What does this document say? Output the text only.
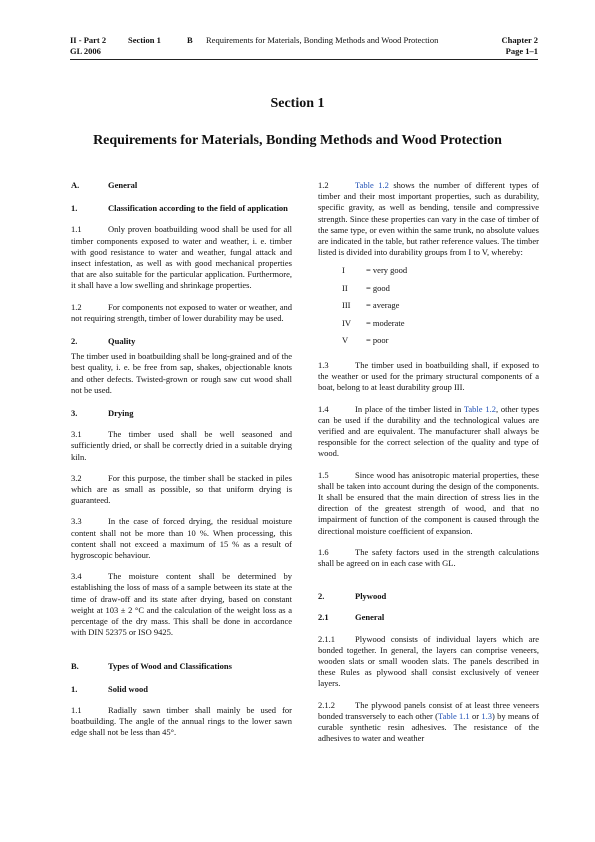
II - Part 2	Section 1	B Requirements for Materials, Bonding Methods and Wood Protection	Chapter 2
GL 2006	Page 1–1
Section 1
Requirements for Materials, Bonding Methods and Wood Protection
A.	General
1.	Classification according to the field of application

1.1	Only proven boatbuilding wood shall be used for all timber components exposed to water and weather, i. e. timber with good resistance to water and weather, fungal attack and insect infestation, as well as with good mechanical properties that are also suitable for the particular application. Furthermore, it shall have a low swelling and shrinkage properties.

1.2	For components not exposed to water or weather, and not requiring strength, timber of lower durability may be used.

2.	Quality

The timber used in boatbuilding shall be long-grained and of the best quality, i. e. be free from sap, shakes, objectionable knots and other defects. Twisted-grown or rough saw cut wood shall not be used.

3.	Drying

3.1	The timber used shall be well seasoned and sufficiently dried, or shall be correctly dried in a suitable drying kiln.

3.2	For this purpose, the timber shall be stacked in piles which are as small as possible, so that uniform drying is guaranteed.

3.3	In the case of forced drying, the residual moisture content shall not be more than 10 %. When processing, this content shall not exceed a maximum of 15 % as a result of hygroscopic behaviour.

3.4	The moisture content shall be determined by establishing the loss of mass of a sample between its state at the time of draw-off and its state after drying, based on constant weight at 103 ± 2 °C and the calculation of the weight loss as a percentage of the dry mass. This shall be done in accordance with DIN 52375 or ISO 9425.

B.	Types of Wood and Classifications
1.	Solid wood

1.1	Radially sawn timber shall mainly be used for boatbuilding. The angle of the annual rings to the lower sawn edge shall not be less than 45°.

1.2	Table 1.2 shows the number of different types of timber and their most important properties, such as durability, specific gravity, as well as bending, tensile and compressive strength. Since these properties can vary in the case of timber of the same type, or even within the same trunk, no absolute values are indicated in the table, but rather reference values. The timber listed is divided into durability groups from I to V, whereby:

I	= very good
II	= good
III	= average
IV	= moderate
V	= poor

1.3	The timber used in boatbuilding shall, if exposed to the weather or used for the primary structural components of a boat, belong to at least durability group III.

1.4	In place of the timber listed in Table 1.2, other types can be used if the durability and the technological values are verified and are equivalent. The manufacturer shall always be responsible for the correct selection of the quality and type of wood.

1.5	Since wood has anisotropic material properties, these shall be taken into account during the design of the components. It shall be ensured that the main direction of stress lies in the direction of the greatest strength of wood, and that no impairment of function of the component is caused through the directional moisture coefficient of expansion.

1.6	The safety factors used in the strength calculations shall be agreed on in each case with GL.

2.	Plywood
2.1	General

2.1.1 Plywood consists of individual layers which are bonded together. In general, the layers can comprise veneers, wooden slats or small wooden slats. The panels described in these Rules as plywood shall consist exclusively of veneer layers.

2.1.2 The plywood panels consist of at least three veneers bonded transversely to each other (Table 1.1 or 1.3) by means of curable synthetic resin adhesives. The resistance of the adhesives to water and weather
